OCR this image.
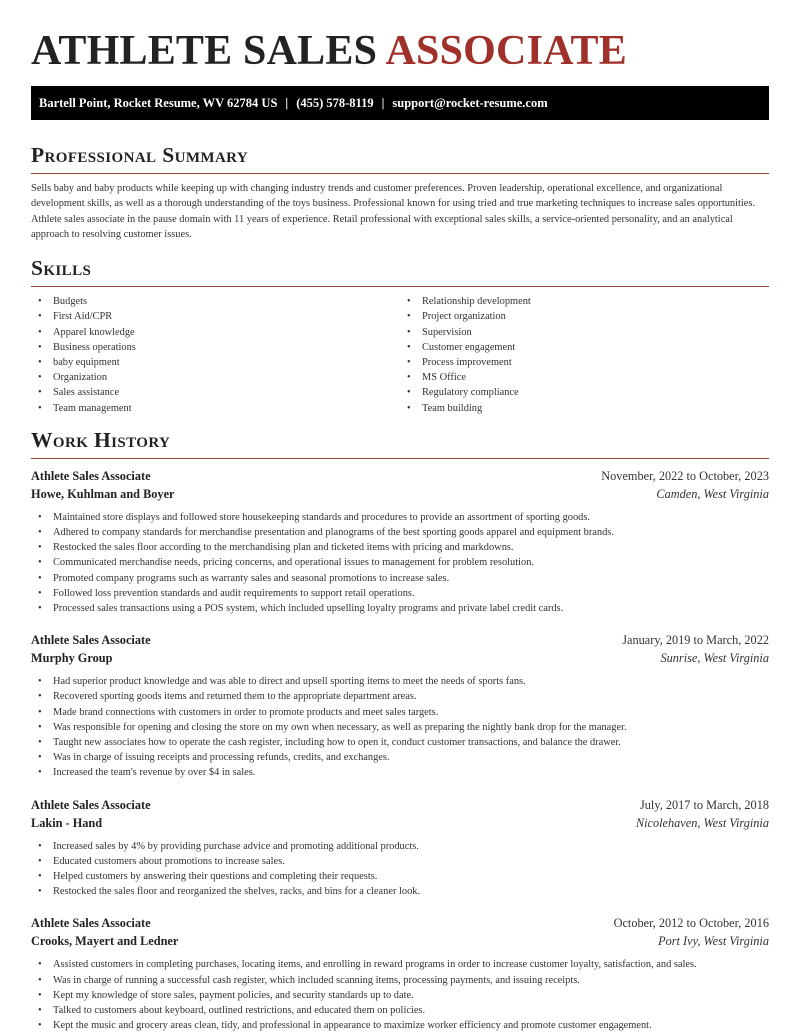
ATHLETE SALES ASSOCIATE
Bartell Point, Rocket Resume, WV 62784 US | (455) 578-8119 | support@rocket-resume.com
Professional Summary

Sells baby and baby products while keeping up with changing industry trends and customer preferences. Proven leadership, operational excellence, and organizational development skills, as well as a thorough understanding of the toys business. Professional known for using tried and true marketing techniques to increase sales opportunities. Athlete sales associate in the pause domain with 11 years of experience. Retail professional with exceptional sales skills, a service-oriented personality, and an analytical approach to resolving customer issues.

Skills
• Budgets
• First Aid/CPR
• Apparel knowledge
• Business operations
• baby equipment
• Organization
• Sales assistance
• Team management
• Relationship development
• Project organization
• Supervision
• Customer engagement
• Process improvement
• MS Office
• Regulatory compliance
• Team building
Work History
Athlete Sales Associate	November, 2022 to October, 2023
Howe, Kuhlman and Boyer	Camden, West Virginia
• Maintained store displays and followed store housekeeping standards and procedures to provide an assortment of sporting goods.
• Adhered to company standards for merchandise presentation and planograms of the best sporting goods apparel and equipment brands.
• Restocked the sales floor according to the merchandising plan and ticketed items with pricing and markdowns.
• Communicated merchandise needs, pricing concerns, and operational issues to management for problem resolution.
• Promoted company programs such as warranty sales and seasonal promotions to increase sales.
• Followed loss prevention standards and audit requirements to support retail operations.
• Processed sales transactions using a POS system, which included upselling loyalty programs and private label credit cards.
Athlete Sales Associate	January, 2019 to March, 2022
Murphy Group	Sunrise, West Virginia
• Had superior product knowledge and was able to direct and upsell sporting items to meet the needs of sports fans.
• Recovered sporting goods items and returned them to the appropriate department areas.
• Made brand connections with customers in order to promote products and meet sales targets.
• Was responsible for opening and closing the store on my own when necessary, as well as preparing the nightly bank drop for the manager.
• Taught new associates how to operate the cash register, including how to open it, conduct customer transactions, and balance the drawer.
• Was in charge of issuing receipts and processing refunds, credits, and exchanges.
• Increased the team's revenue by over $4 in sales.
Athlete Sales Associate	July, 2017 to March, 2018
Lakin - Hand	Nicolehaven, West Virginia
• Increased sales by 4% by providing purchase advice and promoting additional products.
• Educated customers about promotions to increase sales.
• Helped customers by answering their questions and completing their requests.
• Restocked the sales floor and reorganized the shelves, racks, and bins for a cleaner look.
Athlete Sales Associate	October, 2012 to October, 2016
Crooks, Mayert and Ledner	Port Ivy, West Virginia
• Assisted customers in completing purchases, locating items, and enrolling in reward programs in order to increase customer loyalty, satisfaction, and sales.
• Was in charge of running a successful cash register, which included scanning items, processing payments, and issuing receipts.
• Kept my knowledge of store sales, payment policies, and security standards up to date.
• Talked to customers about keyboard, outlined restrictions, and educated them on policies.
• Kept the music and grocery areas clean, tidy, and professional in appearance to maximize worker efficiency and promote customer engagement.
